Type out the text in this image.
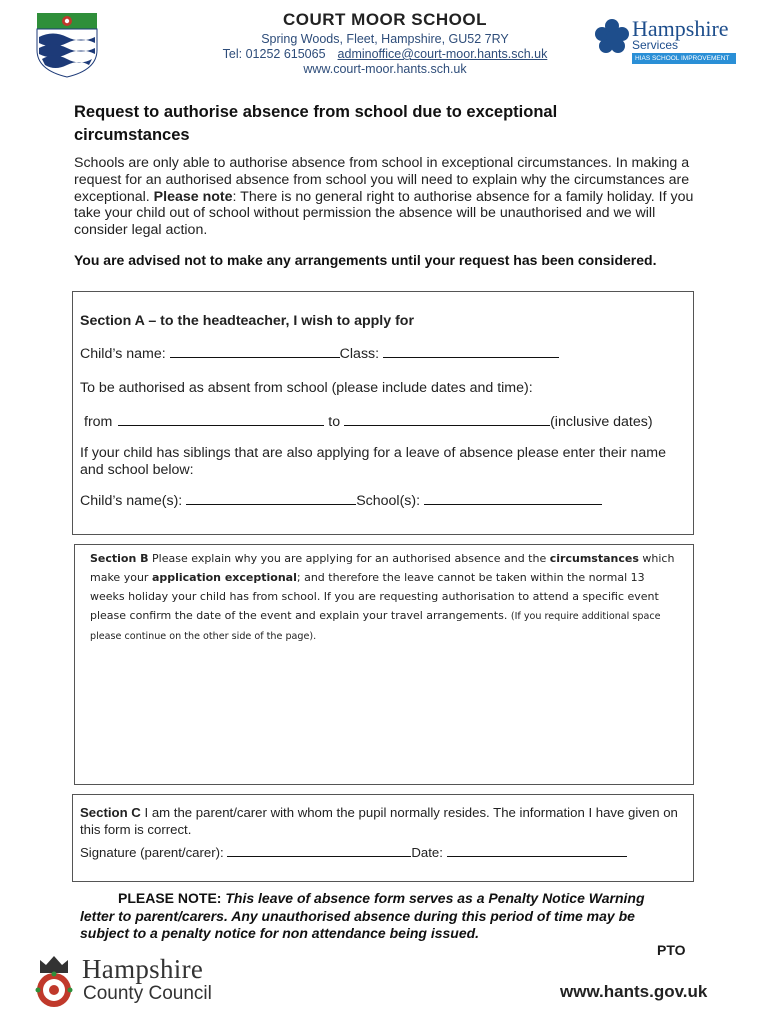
COURT MOOR SCHOOL
Spring Woods, Fleet, Hampshire, GU52 7RY
Tel: 01252 615065 adminoffice@court-moor.hants.sch.uk
www.court-moor.hants.sch.uk
Hampshire
Services
HIAS SCHOOL IMPROVEMENT
Request to authorise absence from school due to exceptional circumstances
Schools are only able to authorise absence from school in exceptional circumstances. In making a request for an authorised absence from school you will need to explain why the circumstances are exceptional. Please note: There is no general right to authorise absence for a family holiday. If you take your child out of school without permission the absence will be unauthorised and we will consider legal action.
You are advised not to make any arrangements until your request has been considered.
Section A – to the headteacher, I wish to apply for
Child’s name:	Class:
To be authorised as absent from school (please include dates and time):
from	to	(inclusive dates)
If your child has siblings that are also applying for a leave of absence please enter their name and school below:
Child’s name(s):	School(s):
Section B Please explain why you are applying for an authorised absence and the circumstances which make your application exceptional; and therefore the leave cannot be taken within the normal 13 weeks holiday your child has from school. If you are requesting authorisation to attend a specific event please confirm the date of the event and explain your travel arrangements. (If you require additional space please continue on the other side of the page).
Section C I am the parent/carer with whom the pupil normally resides. The information I have given on this form is correct.
Signature (parent/carer):	Date:
PLEASE NOTE: This leave of absence form serves as a Penalty Notice Warning letter to parent/carers. Any unauthorised absence during this period of time may be subject to a penalty notice for non attendance being issued.
PTO
Hampshire
County Council	www.hants.gov.uk
